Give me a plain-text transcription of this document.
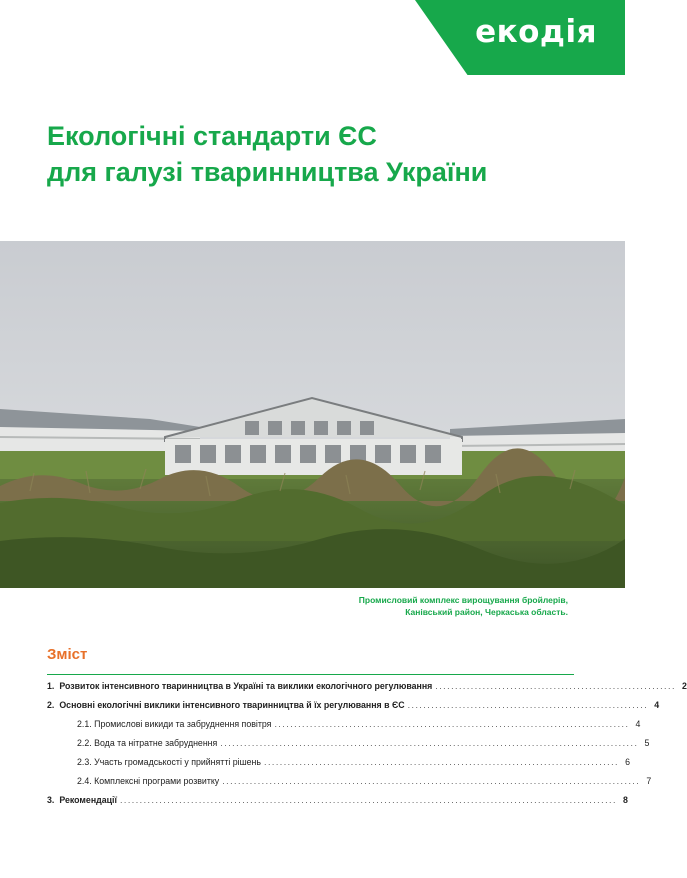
екодія
Екологічні стандарти ЄС
для галузі тваринництва України
Промисловий комплекс вирощування бройлерів,
Канівський район, Черкаська область.
Зміст
1. Розвиток інтенсивного тваринництва в Україні та виклики екологічного регулювання ............................................................. 2
2. Основні екологічні виклики інтенсивного тваринництва й їх регулювання в ЄС ............................................................. 4
2.1. Промислові викиди та забруднення повітря .......................................................................................... 4
2.2. Вода та нітратне забруднення .......................................................................................................... 5
2.3. Участь громадськості у прийнятті рішень .......................................................................................... 6
2.4. Комплексні програми розвитку .......................................................................................................... 7
3. Рекомендації .............................................................................................................................. 8
